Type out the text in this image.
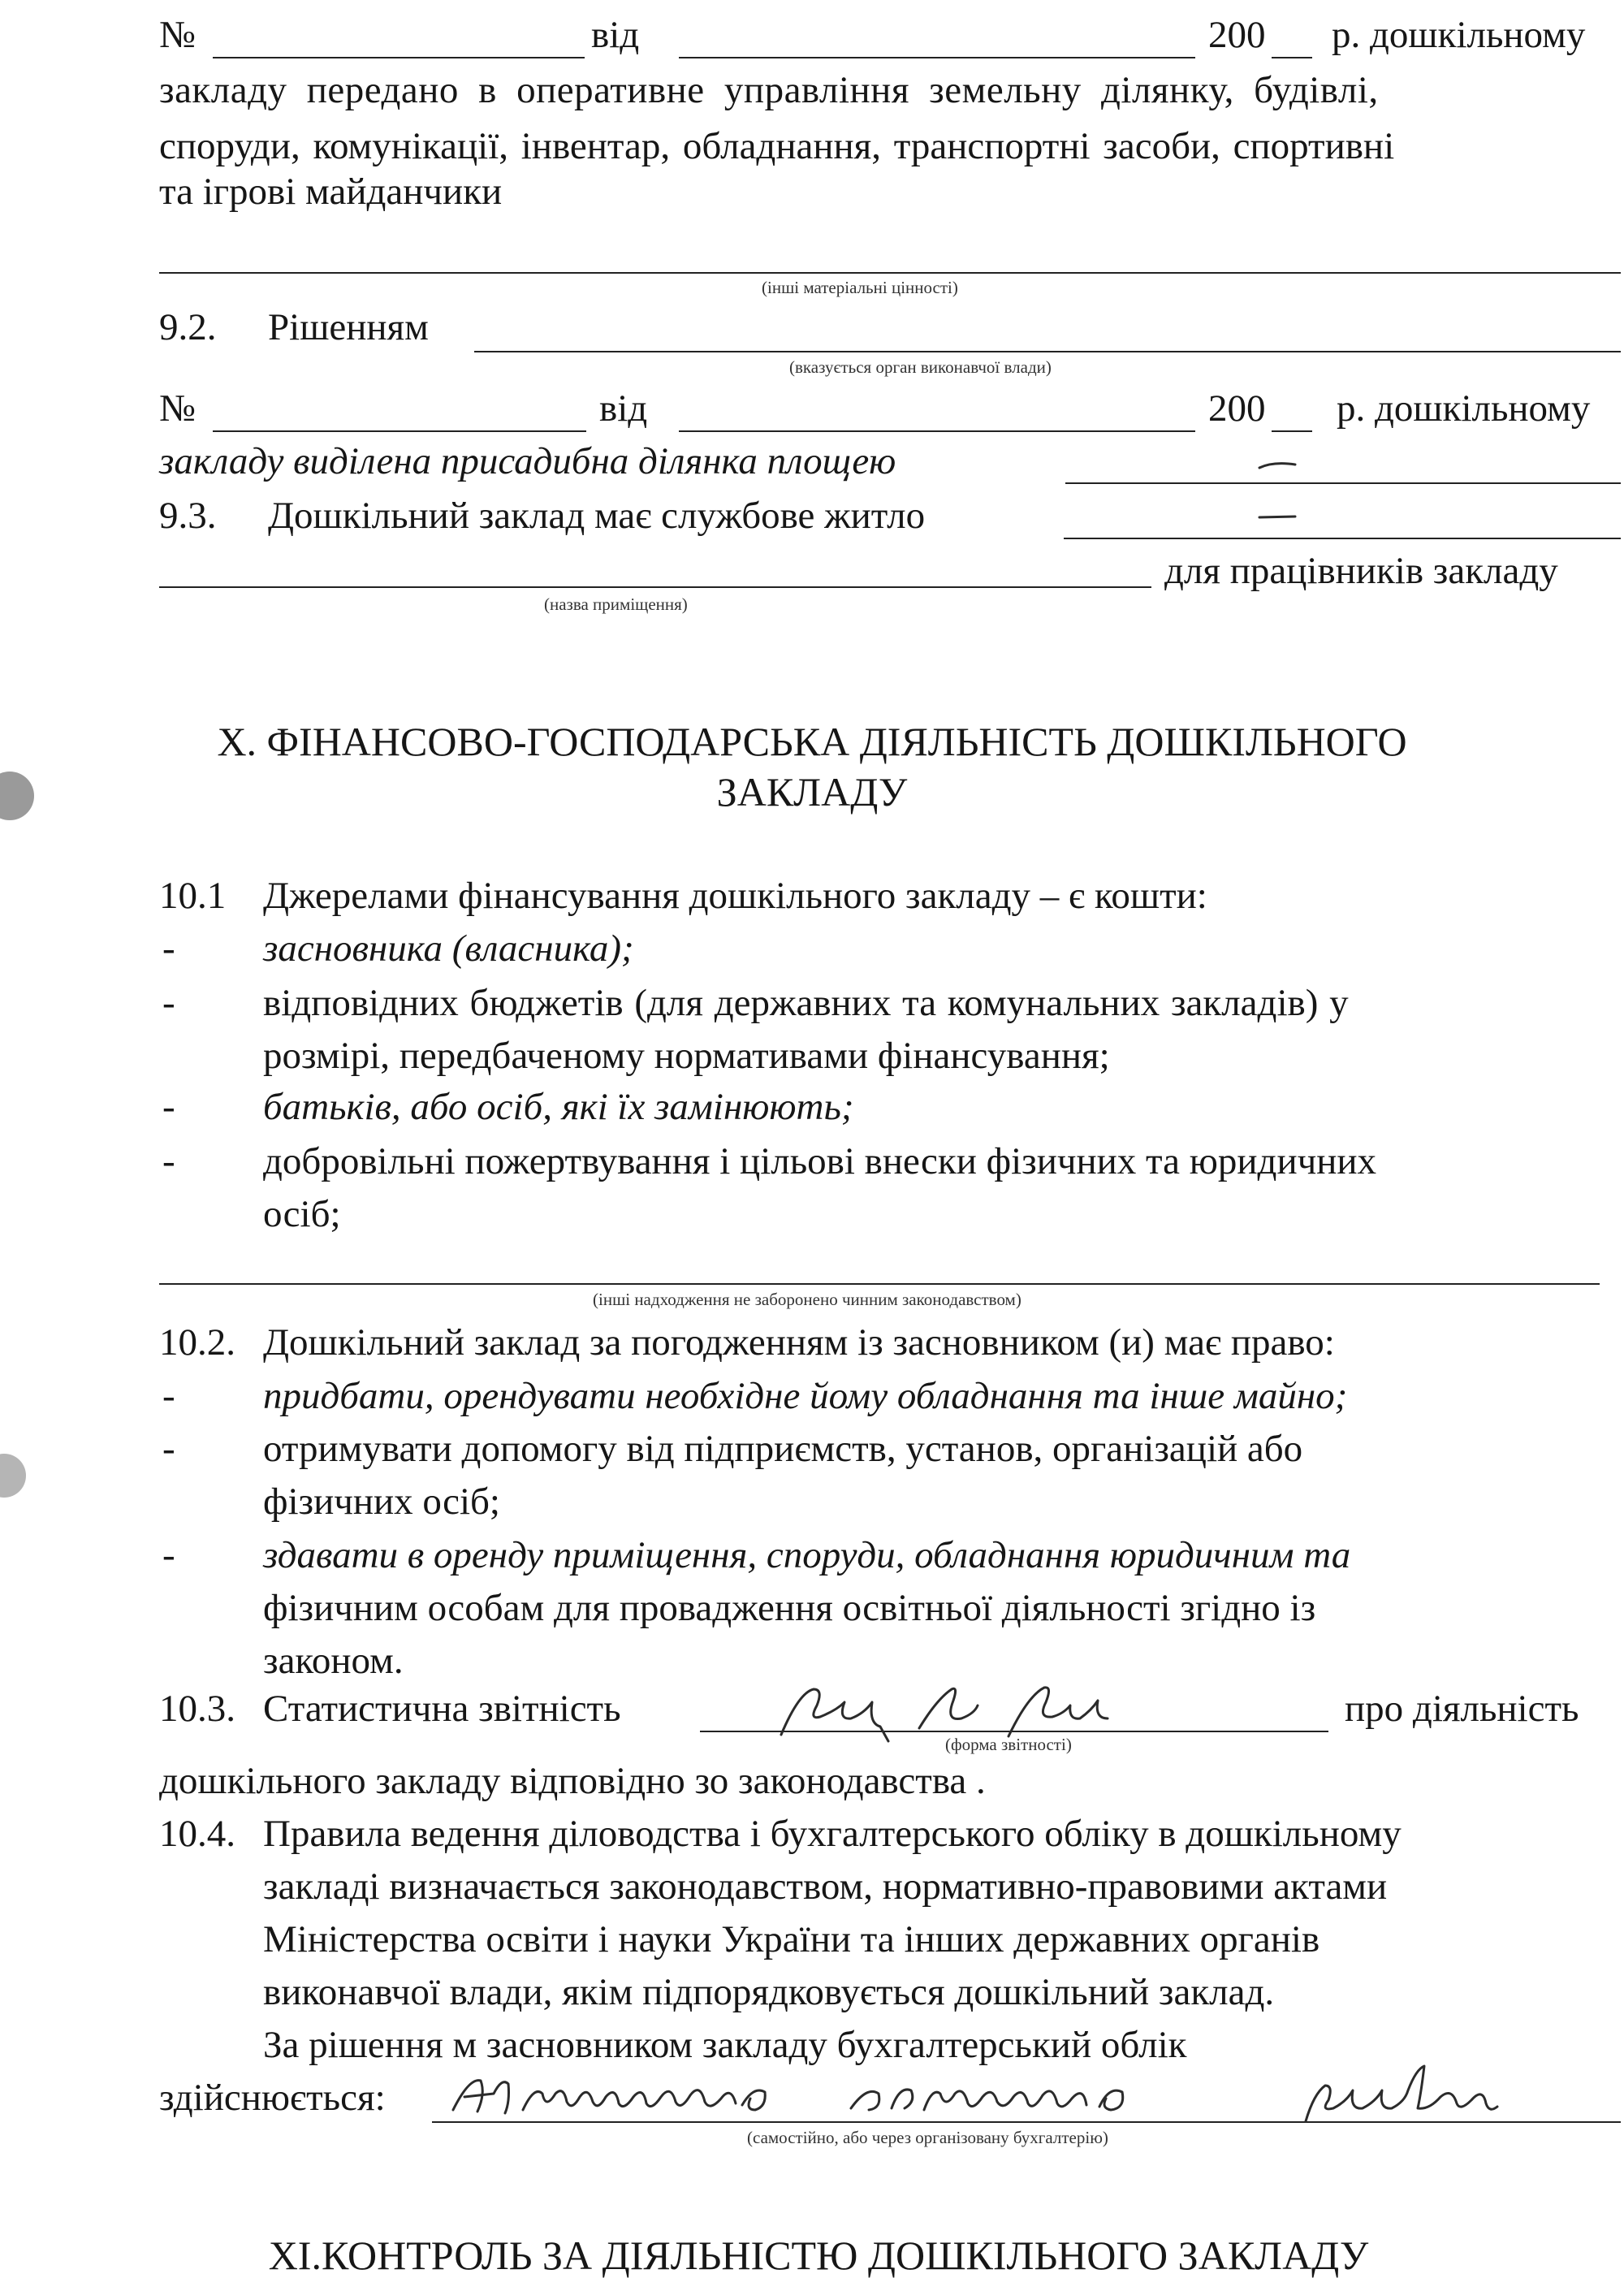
№	від	200 р. дошкільному
закладу передано в оперативне управління земельну ділянку, будівлі,
споруди, комунікації, інвентар, обладнання, транспортні засоби, спортивні
та ігрові майданчики
(інші матеріальні цінності)
9.2. Рішенням
(вказується орган виконавчої влади)
№	від	200 р. дошкільному
закладу виділена присадибна ділянка площею
9.3. Дошкільний заклад має службове житло
для працівників закладу
(назва приміщення)
X. ФІНАНСОВО-ГОСПОДАРСЬКА ДІЯЛЬНІСТЬ ДОШКІЛЬНОГО
ЗАКЛАДУ
10.1 Джерелами фінансування дошкільного закладу – є кошти:
- засновника (власника);
- відповідних бюджетів (для державних та комунальних закладів) у
розмірі, передбаченому нормативами фінансування;
- батьків, або осіб, які їх замінюють;
- добровільні пожертвування і цільові внески фізичних та юридичних
осіб;
(інші надходження не заборонено чинним законодавством)
10.2. Дошкільний заклад за погодженням із засновником (и) має право:
- придбати, орендувати необхідне йому обладнання та інше майно;
- отримувати допомогу від підприємств, установ, організацій або
фізичних осіб;
- здавати в оренду приміщення, споруди, обладнання юридичним та
фізичним особам для провадження освітньої діяльності згідно із
законом.
10.3. Статистична звітність	про діяльність
(форма звітності)
дошкільного закладу відповідно зо законодавства .
10.4. Правила ведення діловодства і бухгалтерського обліку в дошкільному
закладі визначається законодавством, нормативно-правовими актами
Міністерства освіти і науки України та інших державних органів
виконавчої влади, якім підпорядковується дошкільний заклад.
За рішення м засновником закладу бухгалтерський облік
здійснюється:
(самостійно, або через організовану бухгалтерію)
XI.КОНТРОЛЬ ЗА ДІЯЛЬНІСТЮ ДОШКІЛЬНОГО ЗАКЛАДУ
